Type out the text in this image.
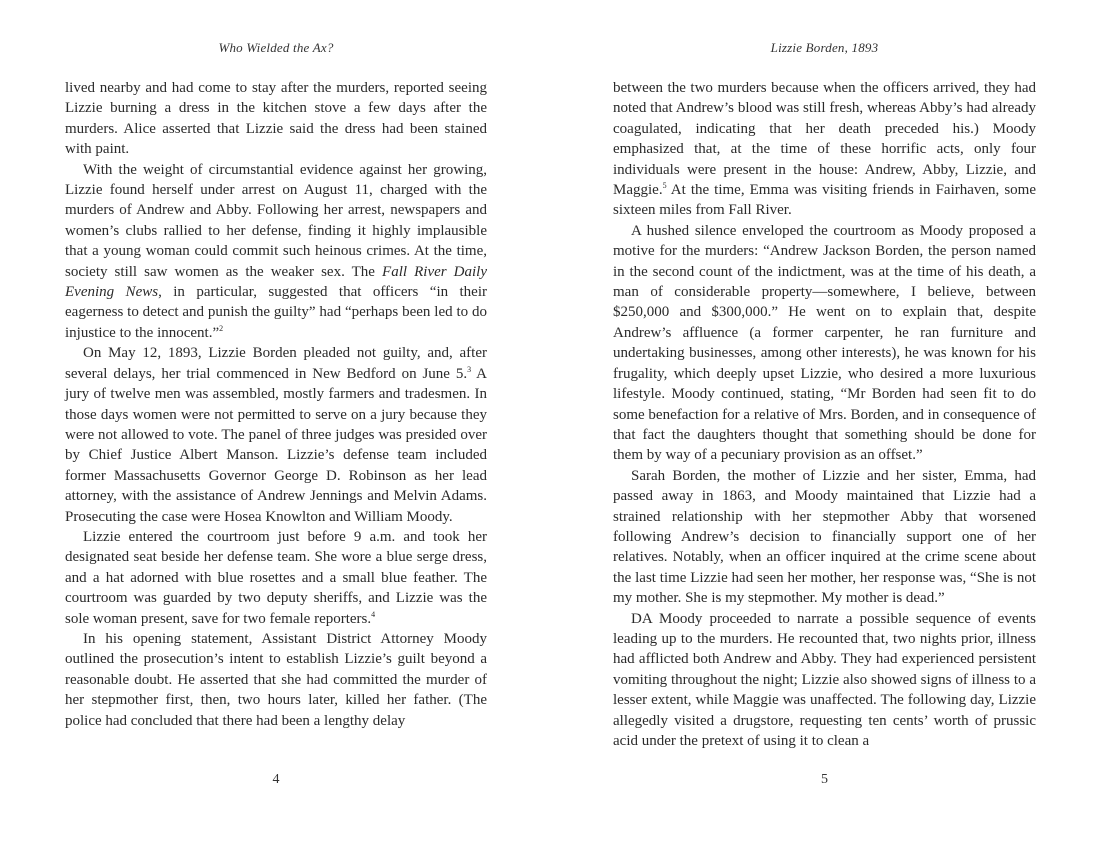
Who Wielded the Ax?

lived nearby and had come to stay after the murders, reported seeing Lizzie burning a dress in the kitchen stove a few days after the murders. Alice asserted that Lizzie said the dress had been stained with paint.

With the weight of circumstantial evidence against her growing, Lizzie found herself under arrest on August 11, charged with the murders of Andrew and Abby. Following her arrest, newspapers and women’s clubs rallied to her defense, finding it highly implausible that a young woman could commit such heinous crimes. At the time, society still saw women as the weaker sex. The Fall River Daily Evening News, in particular, suggested that officers “in their eagerness to detect and punish the guilty” had “perhaps been led to do injustice to the innocent.”$^2$

On May 12, 1893, Lizzie Borden pleaded not guilty, and, after several delays, her trial commenced in New Bedford on June 5.$^3$ A jury of twelve men was assembled, mostly farmers and tradesmen. In those days women were not permitted to serve on a jury because they were not allowed to vote. The panel of three judges was presided over by Chief Justice Albert Manson. Lizzie’s defense team included former Massachusetts Governor George D. Robinson as her lead attorney, with the assistance of Andrew Jennings and Melvin Adams. Prosecuting the case were Hosea Knowlton and William Moody.

Lizzie entered the courtroom just before 9 a.m. and took her designated seat beside her defense team. She wore a blue serge dress, and a hat adorned with blue rosettes and a small blue feather. The courtroom was guarded by two deputy sheriffs, and Lizzie was the sole woman present, save for two female reporters.$^4$

In his opening statement, Assistant District Attorney Moody outlined the prosecution’s intent to establish Lizzie’s guilt beyond a reasonable doubt. He asserted that she had committed the murder of her stepmother first, then, two hours later, killed her father. (The police had concluded that there had been a lengthy delay

4
Lizzie Borden, 1893

between the two murders because when the officers arrived, they had noted that Andrew’s blood was still fresh, whereas Abby’s had already coagulated, indicating that her death preceded his.) Moody emphasized that, at the time of these horrific acts, only four individuals were present in the house: Andrew, Abby, Lizzie, and Maggie.$^5$ At the time, Emma was visiting friends in Fairhaven, some sixteen miles from Fall River.

A hushed silence enveloped the courtroom as Moody proposed a motive for the murders: “Andrew Jackson Borden, the person named in the second count of the indictment, was at the time of his death, a man of considerable property—somewhere, I believe, between $250,000 and $300,000.” He went on to explain that, despite Andrew’s affluence (a former carpenter, he ran furniture and undertaking businesses, among other interests), he was known for his frugality, which deeply upset Lizzie, who desired a more luxurious lifestyle. Moody continued, stating, “Mr Borden had seen fit to do some benefaction for a relative of Mrs. Borden, and in consequence of that fact the daughters thought that something should be done for them by way of a pecuniary provision as an offset.”

Sarah Borden, the mother of Lizzie and her sister, Emma, had passed away in 1863, and Moody maintained that Lizzie had a strained relationship with her stepmother Abby that worsened following Andrew’s decision to financially support one of her relatives. Notably, when an officer inquired at the crime scene about the last time Lizzie had seen her mother, her response was, “She is not my mother. She is my stepmother. My mother is dead.”

DA Moody proceeded to narrate a possible sequence of events leading up to the murders. He recounted that, two nights prior, illness had afflicted both Andrew and Abby. They had experienced persistent vomiting throughout the night; Lizzie also showed signs of illness to a lesser extent, while Maggie was unaffected. The following day, Lizzie allegedly visited a drugstore, requesting ten cents’ worth of prussic acid under the pretext of using it to clean a

5
